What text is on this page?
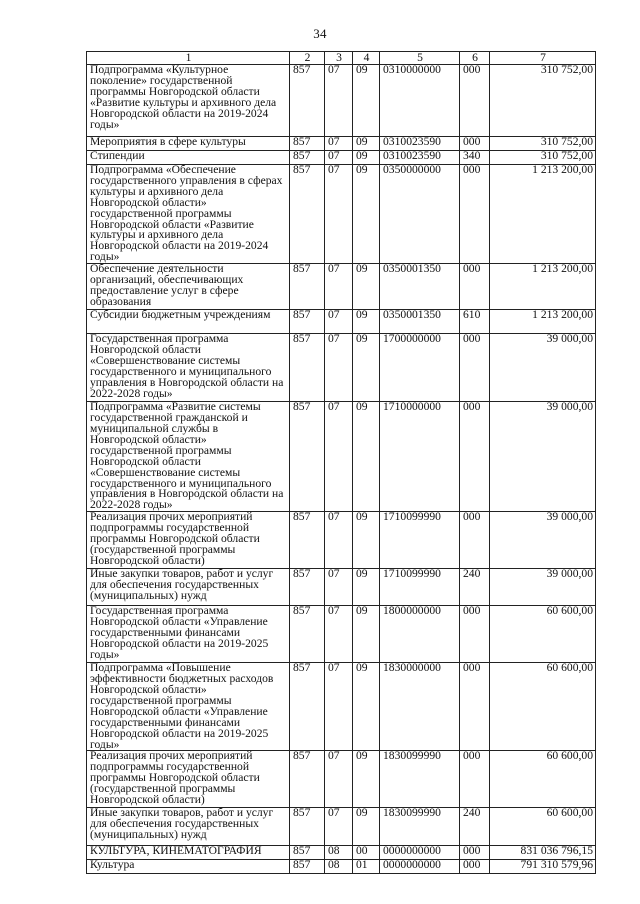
34
1	2	3	4	5	6	7
Подпрограмма «Культурное поколение» государственной программы Новгородской области «Развитие культуры и архивного дела Новгородской области на 2019-2024 годы»	857	07	09	0310000000	000	310 752,00
Мероприятия в сфере культуры	857	07	09	0310023590	000	310 752,00
Стипендии	857	07	09	0310023590	340	310 752,00
Подпрограмма «Обеспечение государственного управления в сферах культуры и архивного дела Новгородской области» государственной программы Новгородской области «Развитие культуры и архивного дела Новгородской области на 2019-2024 годы»	857	07	09	0350000000	000	1 213 200,00
Обеспечение деятельности организаций, обеспечивающих предоставление услуг в сфере образования	857	07	09	0350001350	000	1 213 200,00
Субсидии бюджетным учреждениям	857	07	09	0350001350	610	1 213 200,00
Государственная программа Новгородской области «Совершенствование системы государственного и муниципального управления в Новгородской области на 2022-2028 годы»	857	07	09	1700000000	000	39 000,00
Подпрограмма «Развитие системы государственной гражданской и муниципальной службы в Новгородской области» государственной программы Новгородской области «Совершенствование системы государственного и муниципального управления в Новгородской области на 2022-2028 годы»	857	07	09	1710000000	000	39 000,00
Реализация прочих мероприятий подпрограммы государственной программы Новгородской области (государственной программы Новгородской области)	857	07	09	1710099990	000	39 000,00
Иные закупки товаров, работ и услуг для обеспечения государственных (муниципальных) нужд	857	07	09	1710099990	240	39 000,00
Государственная программа Новгородской области «Управление государственными финансами Новгородской области на 2019-2025 годы»	857	07	09	1800000000	000	60 600,00
Подпрограмма «Повышение эффективности бюджетных расходов Новгородской области» государственной программы Новгородской области «Управление государственными финансами Новгородской области на 2019-2025 годы»	857	07	09	1830000000	000	60 600,00
Реализация прочих мероприятий подпрограммы государственной программы Новгородской области (государственной программы Новгородской области)	857	07	09	1830099990	000	60 600,00
Иные закупки товаров, работ и услуг для обеспечения государственных (муниципальных) нужд	857	07	09	1830099990	240	60 600,00
КУЛЬТУРА, КИНЕМАТОГРАФИЯ	857	08	00	0000000000	000	831 036 796,15
Культура	857	08	01	0000000000	000	791 310 579,96
